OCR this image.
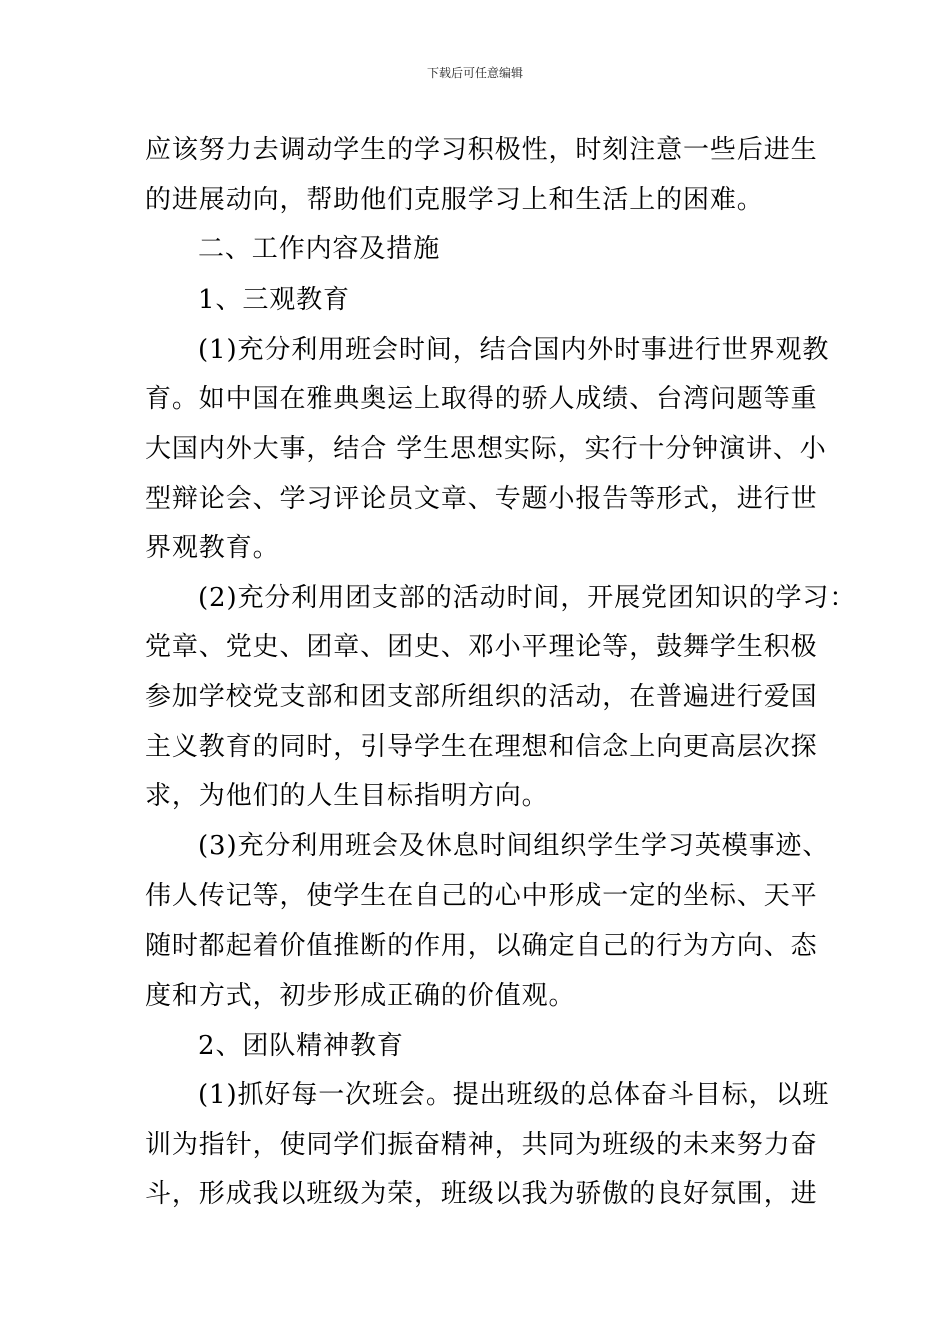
下载后可任意编辑
应该努力去调动学生的学习积极性，时刻注意一些后进生
的进展动向，帮助他们克服学习上和生活上的困难。
二、工作内容及措施
1、三观教育
(1)充分利用班会时间，结合国内外时事进行世界观教
育。如中国在雅典奥运上取得的骄人成绩、台湾问题等重
大国内外大事，结合 学生思想实际，实行十分钟演讲、小
型辩论会、学习评论员文章、专题小报告等形式，进行世
界观教育。
(2)充分利用团支部的活动时间，开展党团知识的学习：
党章、党史、团章、团史、邓小平理论等，鼓舞学生积极
参加学校党支部和团支部所组织的活动，在普遍进行爱国
主义教育的同时，引导学生在理想和信念上向更高层次探
求，为他们的人生目标指明方向。
(3)充分利用班会及休息时间组织学生学习英模事迹、
伟人传记等，使学生在自己的心中形成一定的坐标、天平
随时都起着价值推断的作用，以确定自己的行为方向、态
度和方式，初步形成正确的价值观。
2、团队精神教育
(1)抓好每一次班会。提出班级的总体奋斗目标，以班
训为指针，使同学们振奋精神，共同为班级的未来努力奋
斗，形成我以班级为荣，班级以我为骄傲的良好氛围，进
